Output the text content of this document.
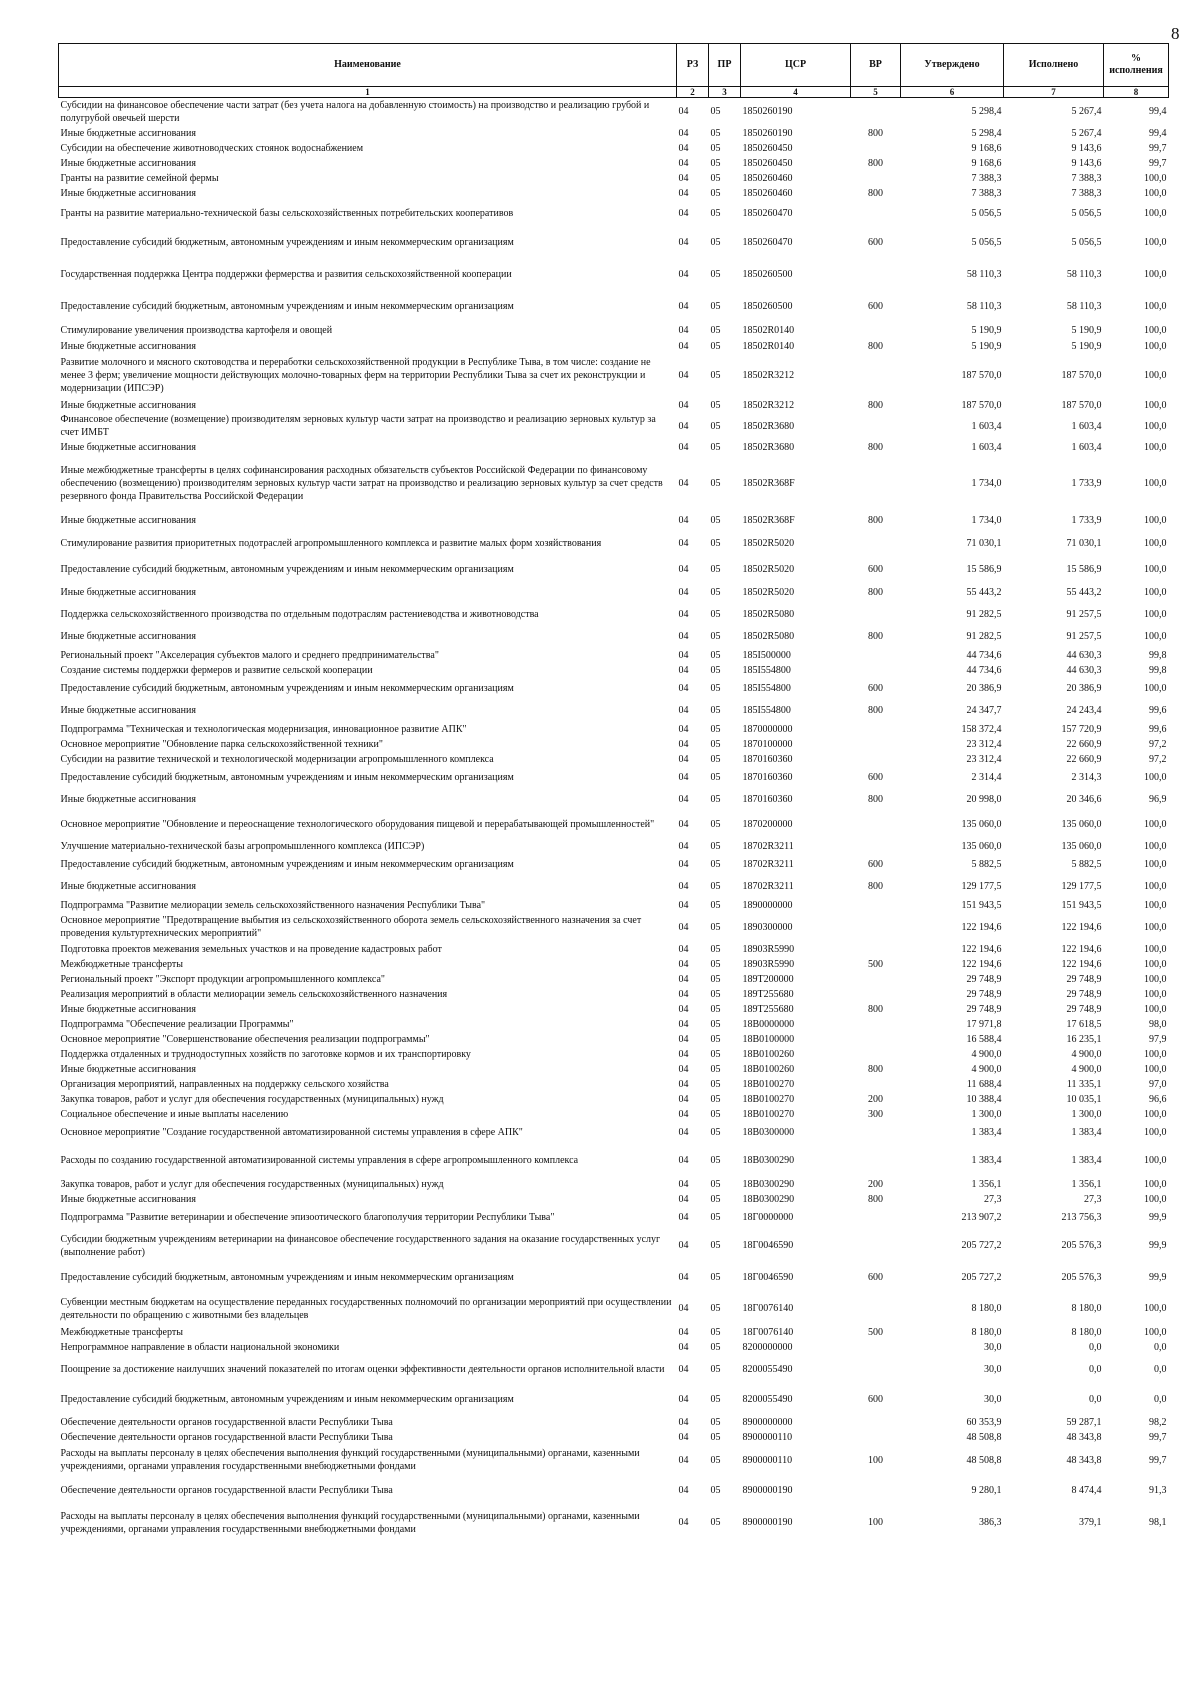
8
Наименование	РЗ	ПР	ЦСР	ВР	Утверждено	Исполнено	% исполнения
1	2	3	4	5	6	7	8
Субсидии на финансовое обеспечение части затрат (без учета налога на добавленную стоимость) на производство и реализацию грубой и полугрубой овечьей шерсти	04	05	1850260190		5 298,4	5 267,4	99,4
Иные бюджетные ассигнования	04	05	1850260190	800	5 298,4	5 267,4	99,4
Субсидии на обеспечение животноводческих стоянок водоснабжением	04	05	1850260450		9 168,6	9 143,6	99,7
Иные бюджетные ассигнования	04	05	1850260450	800	9 168,6	9 143,6	99,7
Гранты на развитие семейной фермы	04	05	1850260460		7 388,3	7 388,3	100,0
Иные бюджетные ассигнования	04	05	1850260460	800	7 388,3	7 388,3	100,0
Гранты на развитие материально-технической базы сельскохозяйственных потребительских кооперативов	04	05	1850260470		5 056,5	5 056,5	100,0
Предоставление субсидий бюджетным, автономным учреждениям и иным некоммерческим организациям	04	05	1850260470	600	5 056,5	5 056,5	100,0
Государственная поддержка Центра поддержки фермерства и развития сельскохозяйственной кооперации	04	05	1850260500		58 110,3	58 110,3	100,0
Предоставление субсидий бюджетным, автономным учреждениям и иным некоммерческим организациям	04	05	1850260500	600	58 110,3	58 110,3	100,0
Стимулирование увеличения производства картофеля и овощей	04	05	18502R0140		5 190,9	5 190,9	100,0
Иные бюджетные ассигнования	04	05	18502R0140	800	5 190,9	5 190,9	100,0
Развитие молочного и мясного скотоводства и переработки сельскохозяйственной продукции в Республике Тыва, в том числе: создание не менее 3 ферм; увеличение мощности действующих молочно-товарных ферм на территории Республики Тыва за счет их реконструкции и модернизации (ИПСЭР)	04	05	18502R3212		187 570,0	187 570,0	100,0
Иные бюджетные ассигнования	04	05	18502R3212	800	187 570,0	187 570,0	100,0
Финансовое обеспечение (возмещение) производителям зерновых культур части затрат на производство и реализацию зерновых культур за счет ИМБТ	04	05	18502R3680		1 603,4	1 603,4	100,0
Иные бюджетные ассигнования	04	05	18502R3680	800	1 603,4	1 603,4	100,0
Иные межбюджетные трансферты в целях софинансирования расходных обязательств субъектов Российской Федерации по финансовому обеспечению (возмещению) производителям зерновых культур части затрат на производство и реализацию зерновых культур за счет средств резервного фонда Правительства Российской Федерации	04	05	18502R368F		1 734,0	1 733,9	100,0
Иные бюджетные ассигнования	04	05	18502R368F	800	1 734,0	1 733,9	100,0
Стимулирование развития приоритетных подотраслей агропромышленного комплекса и развитие малых форм хозяйствования	04	05	18502R5020		71 030,1	71 030,1	100,0
Предоставление субсидий бюджетным, автономным учреждениям и иным некоммерческим организациям	04	05	18502R5020	600	15 586,9	15 586,9	100,0
Иные бюджетные ассигнования	04	05	18502R5020	800	55 443,2	55 443,2	100,0
Поддержка сельскохозяйственного производства по отдельным подотраслям растениеводства и животноводства	04	05	18502R5080		91 282,5	91 257,5	100,0
Иные бюджетные ассигнования	04	05	18502R5080	800	91 282,5	91 257,5	100,0
Региональный проект "Акселерация субъектов малого и среднего предпринимательства"	04	05	185I500000		44 734,6	44 630,3	99,8
Создание системы поддержки фермеров и развитие сельской кооперации	04	05	185I554800		44 734,6	44 630,3	99,8
Предоставление субсидий бюджетным, автономным учреждениям и иным некоммерческим организациям	04	05	185I554800	600	20 386,9	20 386,9	100,0
Иные бюджетные ассигнования	04	05	185I554800	800	24 347,7	24 243,4	99,6
Подпрограмма "Техническая и технологическая модернизация, инновационное развитие АПК"	04	05	1870000000		158 372,4	157 720,9	99,6
Основное мероприятие "Обновление парка сельскохозяйственной техники"	04	05	1870100000		23 312,4	22 660,9	97,2
Субсидии на развитие технической и технологической модернизации агропромышленного комплекса	04	05	1870160360		23 312,4	22 660,9	97,2
Предоставление субсидий бюджетным, автономным учреждениям и иным некоммерческим организациям	04	05	1870160360	600	2 314,4	2 314,3	100,0
Иные бюджетные ассигнования	04	05	1870160360	800	20 998,0	20 346,6	96,9
Основное мероприятие "Обновление и переоснащение технологического оборудования пищевой и перерабатывающей промышленностей"	04	05	1870200000		135 060,0	135 060,0	100,0
Улучшение материально-технической базы агропромышленного комплекса (ИПСЭР)	04	05	18702R3211		135 060,0	135 060,0	100,0
Предоставление субсидий бюджетным, автономным учреждениям и иным некоммерческим организациям	04	05	18702R3211	600	5 882,5	5 882,5	100,0
Иные бюджетные ассигнования	04	05	18702R3211	800	129 177,5	129 177,5	100,0
Подпрограмма "Развитие мелиорации земель сельскохозяйственного назначения Республики Тыва"	04	05	1890000000		151 943,5	151 943,5	100,0
Основное мероприятие "Предотвращение выбытия из сельскохозяйственного оборота земель сельскохозяйственного назначения за счет проведения культуртехнических мероприятий"	04	05	1890300000		122 194,6	122 194,6	100,0
Подготовка проектов межевания земельных участков и на проведение кадастровых работ	04	05	18903R5990		122 194,6	122 194,6	100,0
Межбюджетные трансферты	04	05	18903R5990	500	122 194,6	122 194,6	100,0
Региональный проект "Экспорт продукции агропромышленного комплекса"	04	05	189T200000		29 748,9	29 748,9	100,0
Реализация мероприятий в области мелиорации земель сельскохозяйственного назначения	04	05	189T255680		29 748,9	29 748,9	100,0
Иные бюджетные ассигнования	04	05	189T255680	800	29 748,9	29 748,9	100,0
Подпрограмма "Обеспечение реализации Программы"	04	05	18B0000000		17 971,8	17 618,5	98,0
Основное мероприятие "Совершенствование обеспечения реализации подпрограммы"	04	05	18B0100000		16 588,4	16 235,1	97,9
Поддержка отдаленных и труднодоступных хозяйств по заготовке кормов и их транспортировку	04	05	18B0100260		4 900,0	4 900,0	100,0
Иные бюджетные ассигнования	04	05	18B0100260	800	4 900,0	4 900,0	100,0
Организация мероприятий, направленных на поддержку сельского хозяйства	04	05	18B0100270		11 688,4	11 335,1	97,0
Закупка товаров, работ и услуг для обеспечения государственных (муниципальных) нужд	04	05	18B0100270	200	10 388,4	10 035,1	96,6
Социальное обеспечение и иные выплаты населению	04	05	18B0100270	300	1 300,0	1 300,0	100,0
Основное мероприятие "Создание государственной автоматизированной системы управления в сфере АПК"	04	05	18B0300000		1 383,4	1 383,4	100,0
Расходы по созданию государственной автоматизированной системы управления в сфере агропромышленного комплекса	04	05	18B0300290		1 383,4	1 383,4	100,0
Закупка товаров, работ и услуг для обеспечения государственных (муниципальных) нужд	04	05	18B0300290	200	1 356,1	1 356,1	100,0
Иные бюджетные ассигнования	04	05	18B0300290	800	27,3	27,3	100,0
Подпрограмма "Развитие ветеринарии и обеспечение эпизоотического благополучия территории Республики Тыва"	04	05	18Г0000000		213 907,2	213 756,3	99,9
Субсидии бюджетным учреждениям ветеринарии на финансовое обеспечение государственного задания на оказание государственных услуг (выполнение работ)	04	05	18Г0046590		205 727,2	205 576,3	99,9
Предоставление субсидий бюджетным, автономным учреждениям и иным некоммерческим организациям	04	05	18Г0046590	600	205 727,2	205 576,3	99,9
Субвенции местным бюджетам на осуществление переданных государственных полномочий по организации мероприятий при осуществлении деятельности по обращению с животными без владельцев	04	05	18Г0076140		8 180,0	8 180,0	100,0
Межбюджетные трансферты	04	05	18Г0076140	500	8 180,0	8 180,0	100,0
Непрограммное направление в области национальной экономики	04	05	8200000000		30,0	0,0	0,0
Поощрение за достижение наилучших значений показателей по итогам оценки эффективности деятельности органов исполнительной власти	04	05	8200055490		30,0	0,0	0,0
Предоставление субсидий бюджетным, автономным учреждениям и иным некоммерческим организациям	04	05	8200055490	600	30,0	0,0	0,0
Обеспечение деятельности органов государственной власти Республики Тыва	04	05	8900000000		60 353,9	59 287,1	98,2
Обеспечение деятельности органов государственной власти Республики Тыва	04	05	8900000110		48 508,8	48 343,8	99,7
Расходы на выплаты персоналу в целях обеспечения выполнения функций государственными (муниципальными) органами, казенными учреждениями, органами управления государственными внебюджетными фондами	04	05	8900000110	100	48 508,8	48 343,8	99,7
Обеспечение деятельности органов государственной власти Республики Тыва	04	05	8900000190		9 280,1	8 474,4	91,3
Расходы на выплаты персоналу в целях обеспечения выполнения функций государственными (муниципальными) органами, казенными учреждениями, органами управления государственными внебюджетными фондами	04	05	8900000190	100	386,3	379,1	98,1
